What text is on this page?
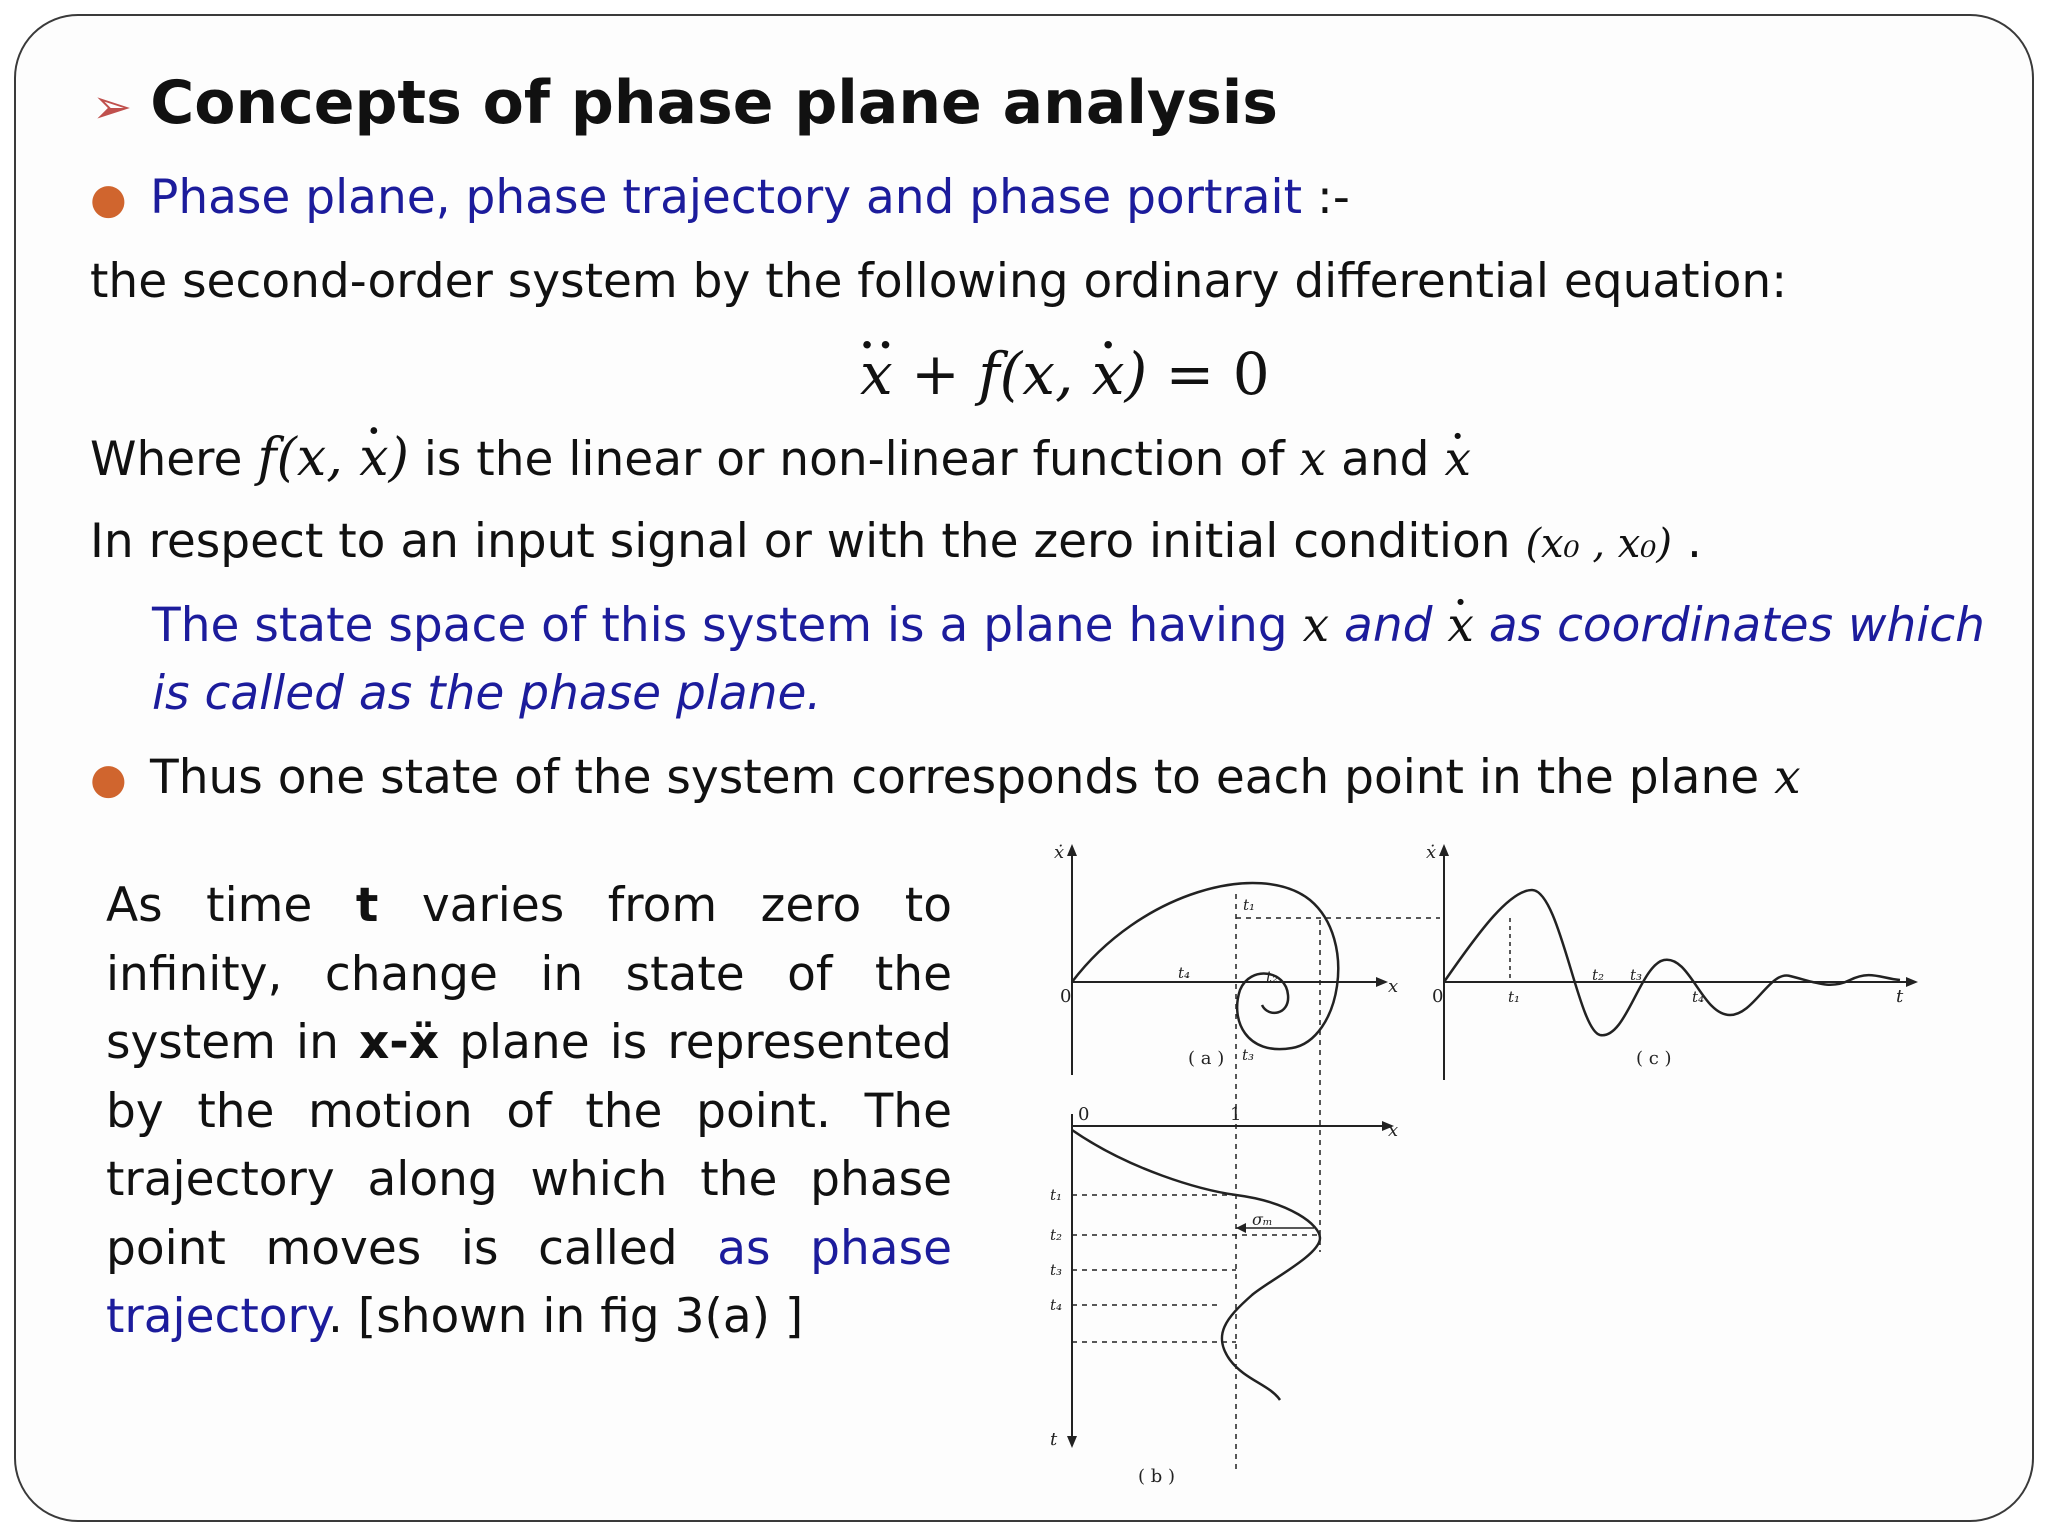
➢ Concepts of phase plane analysis
● Phase plane, phase trajectory and phase portrait :-
the second-order system by the following ordinary differential equation:
·· x + f(x, · x) = 0
Where f(x, · x) is the linear or non-linear function of x and · x
In respect to an input signal or with the zero initial condition (x₀ , x₀) .
The state space of this system is a plane having x and · x as coordinates which
is called as the phase plane.
● Thus one state of the system corresponds to each point in the plane x
As time t varies from zero to infinity, change in state of the system in x-ẍ plane is represented by the motion of the point. The trajectory along which the phase point moves is called as phase trajectory. [shown in fig 3(a) ]
ẋ
x
0
t₁
t₂
t₃
t₄
( a )
ẋ
t
0	t₁
t₂ t₃
t₄
( c )
0	1
x
t
t₁
t₂
t₃
t₄
σₘ
( b )
